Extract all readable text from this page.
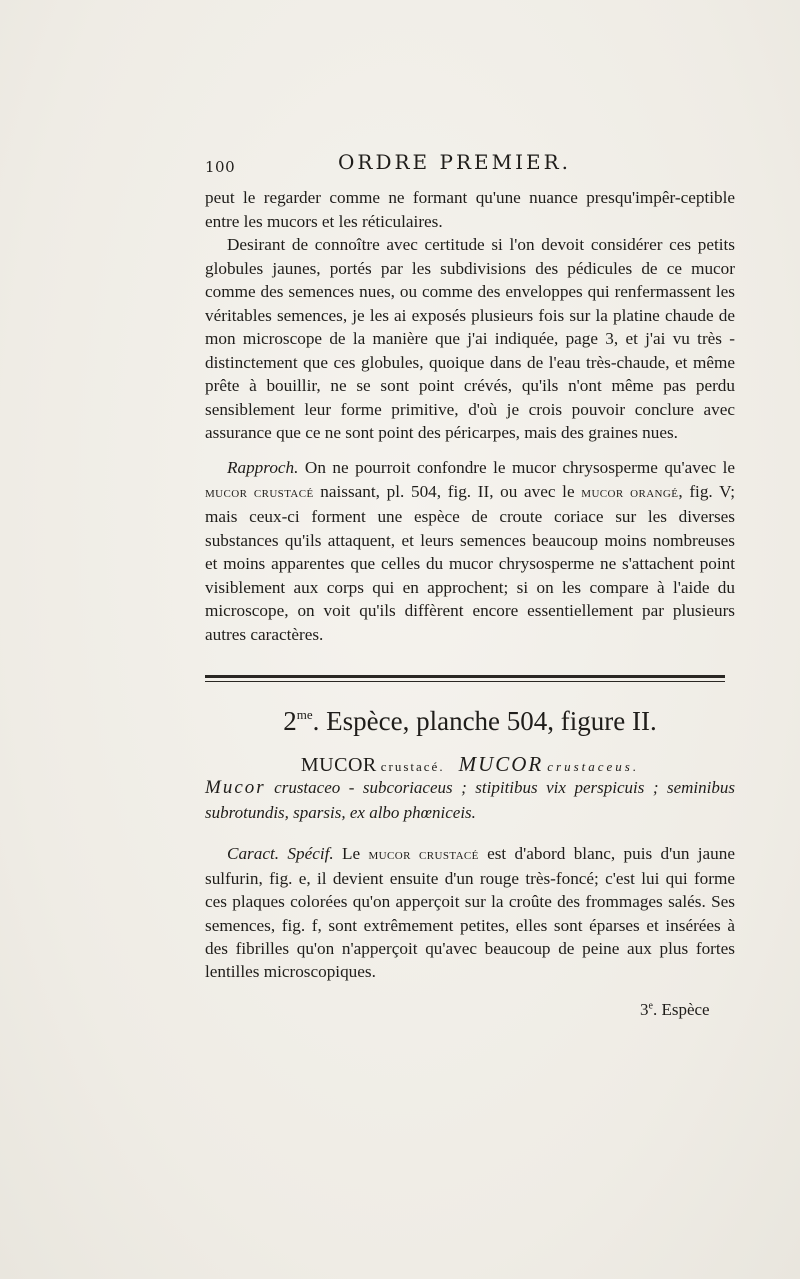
100	ORDRE PREMIER.

peut le regarder comme ne formant qu'une nuance presqu'impêr-ceptible entre les mucors et les réticulaires.

Desirant de connoître avec certitude si l'on devoit considérer ces petits globules jaunes, portés par les subdivisions des pédicules de ce mucor comme des semences nues, ou comme des enveloppes qui renfermassent les véritables semences, je les ai exposés plusieurs fois sur la platine chaude de mon microscope de la manière que j'ai indiquée, page 3, et j'ai vu très - distinctement que ces globules, quoique dans de l'eau très-chaude, et même prête à bouillir, ne se sont point crévés, qu'ils n'ont même pas perdu sensiblement leur forme primitive, d'où je crois pouvoir conclure avec assurance que ce ne sont point des péricarpes, mais des graines nues.

Rapproch. On ne pourroit confondre le mucor chrysosperme qu'avec le mucor crustacé naissant, pl. 504, fig. II, ou avec le mucor orangé, fig. V; mais ceux-ci forment une espèce de croute coriace sur les diverses substances qu'ils attaquent, et leurs semences beaucoup moins nombreuses et moins apparentes que celles du mucor chrysosperme ne s'attachent point visiblement aux corps qui en approchent; si on les compare à l'aide du microscope, on voit qu'ils diffèrent encore essentiellement par plusieurs autres caractères.

$2^{me}$. Espèce, planche 504, figure II.
MUCOR crustacé. MUCOR crustaceus.
Mucor crustaceo - subcoriaceus ; stipitibus vix perspicuis ; seminibus subrotundis, sparsis, ex albo phœniceis.
Caract. Spécif. Le mucor crustacé est d'abord blanc, puis d'un jaune sulfurin, fig. e, il devient ensuite d'un rouge très-foncé; c'est lui qui forme ces plaques colorées qu'on apperçoit sur la croûte des frommages salés. Ses semences, fig. f, sont extrêmement petites, elles sont éparses et insérées à des fibrilles qu'on n'apperçoit qu'avec beaucoup de peine aux plus fortes lentilles microscopiques.
3e. Espèce
